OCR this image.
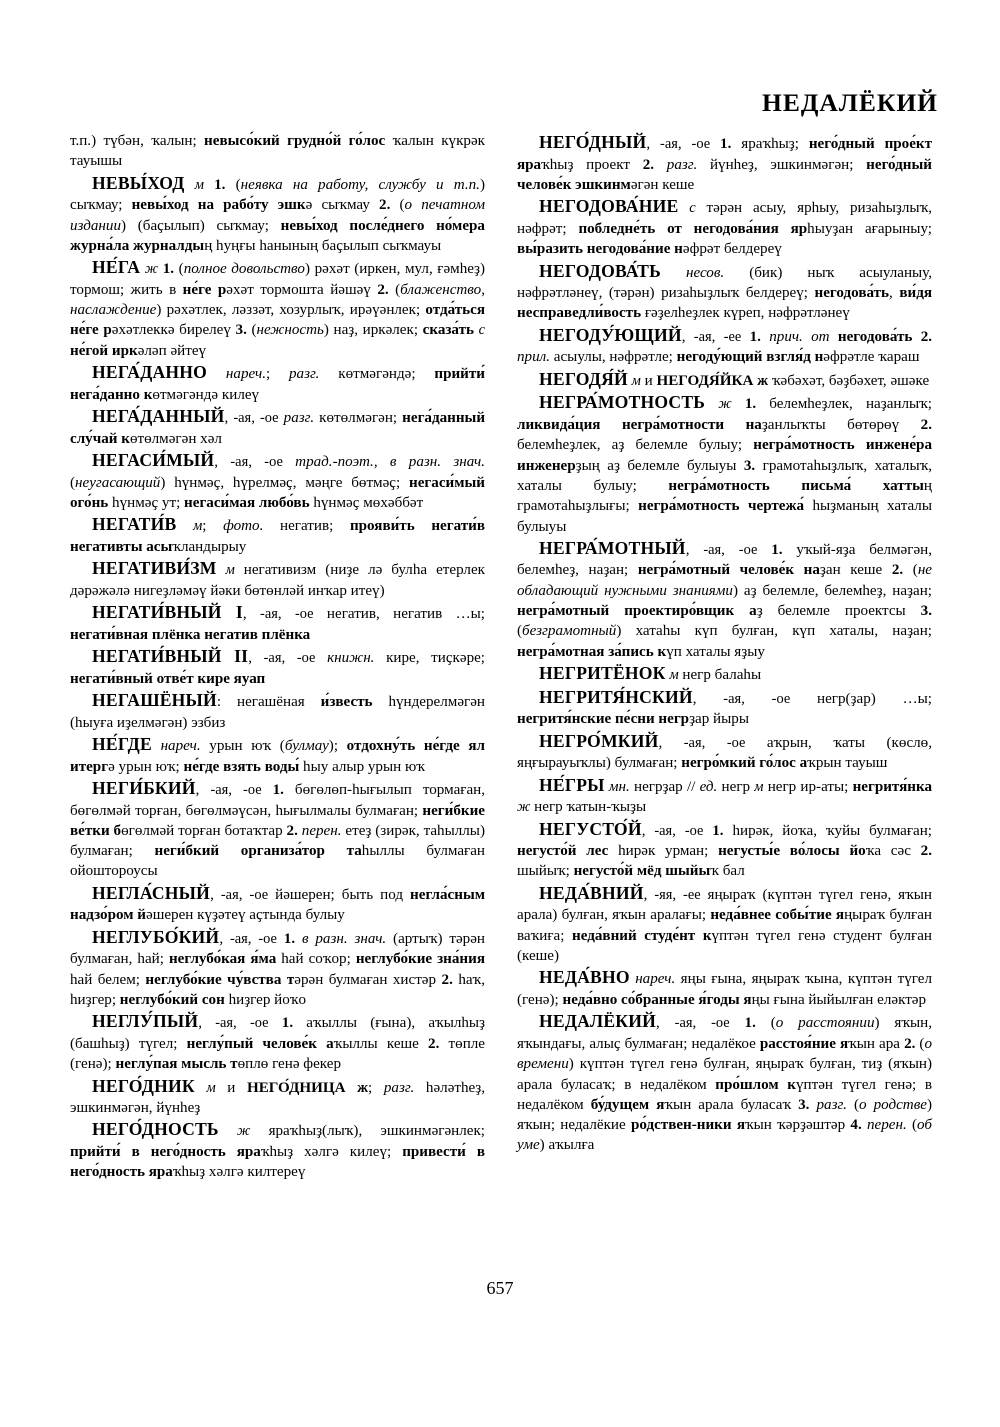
НЕДАЛЁКИЙ

т.п.) түбән, ҡалын; невысо́кий грудно́й го́лос ҡалын күкрәк тауышы

НЕВЫ́ХОД м 1. (неявка на работу, службу и т.п.) сыҡмау; невы́ход на рабо́ту эшкә сыҡмау 2. (о печатном издании) (баҫылып) сыҡмау; невы́ход после́днего но́мера журна́ла журналдың һуңғы һанының баҫылып сыҡмауы

НЕ́ГА ж 1. (полное довольство) рәхәт (иркен, мул, ғәмһеҙ) тормош; жить в не́ге рәхәт тормошта йәшәү 2. (блаженство, наслаждение) рәхәтлек, ләззәт, хозурлыҡ, ирәүәнлек; отда́ться не́ге рәхәтлеккә бирелеү 3. (нежность) наҙ, иркәлек; сказа́ть с не́гой иркәләп әйтеү

НЕГА́ДАННО нареч.; разг. көтмәгәндә; прийти́ нега́данно көтмәгәндә килеү

НЕГА́ДАННЫЙ, -ая, -ое разг. көтөлмәгән; нега́данный слу́чай көтөлмәгән хәл

НЕГАСИ́МЫЙ, -ая, -ое трад.-поэт., в разн. знач. (неугасающий) һүнмәҫ, һүрелмәҫ, мәңге бөтмәҫ; негаси́мый ого́нь һүнмәҫ ут; негаси́мая любо́вь һүнмәҫ мөхәббәт

НЕГАТИ́В м; фото. негатив; прояви́ть негати́в негативты асыҡландырыу

НЕГАТИВИ́ЗМ м негативизм (ниҙе лә булһа етерлек дәрәжәлә нигеҙләмәү йәки бөтөнләй инҡар итеү)

НЕГАТИ́ВНЫЙ I, -ая, -ое негатив, негатив …ы; негати́вная плёнка негатив плёнка

НЕГАТИ́ВНЫЙ II, -ая, -ое книжн. кире, тиҫкәре; негати́вный отве́т кире яуап

НЕГАШЁНЫЙ: негашёная и́звесть һүндерелмәгән (һыуға иҙелмәгән) эзбиз

НЕ́ГДЕ нареч. урын юҡ (булмау); отдохну́ть не́где ял итергә урын юҡ; не́где взять воды́ һыу алыр урын юҡ

НЕГИ́БКИЙ, -ая, -ое 1. бөгөлөп-һығылып тормаған, бөгөлмәй торған, бөгөлмәүсән, һығылмалы булмаған; неги́бкие ве́тки бөгөлмәй торған ботаҡтар 2. перен. етеҙ (зирәк, таһыллы) булмаған; неги́бкий организа́тор таһыллы булмаған ойоштороусы

НЕГЛА́СНЫЙ, -ая, -ое йәшерен; быть под негла́сным надзо́ром йәшерен күҙәтеү аҫтында булыу

НЕГЛУБО́КИЙ, -ая, -ое 1. в разн. знач. (артыҡ) тәрән булмаған, һай; неглубо́кая я́ма һай соҡор; неглубо́кие зна́ния һай белем; неглубо́кие чу́вства тәрән булмаған хистәр 2. һаҡ, һиҙгер; неглубо́кий сон һиҙгер йоҡо

НЕГЛУ́ПЫЙ, -ая, -ое 1. аҡыллы (ғына), аҡылһыҙ (башһыҙ) түгел; неглу́пый челове́к аҡыллы кеше 2. төпле (генә); неглу́пая мысль төплө генә фекер

НЕГО́ДНИК м и НЕГО́ДНИЦА ж; разг. һәләтһеҙ, эшкинмәгән, йүнһеҙ

НЕГО́ДНОСТЬ ж яраҡһыҙ(лыҡ), эшкинмәгәнлек; прийти́ в него́дность яраҡһыҙ хәлгә килеү; привести́ в него́дность яраҡһыҙ хәлгә килтереү

НЕГО́ДНЫЙ, -ая, -ое 1. яраҡһыҙ; него́дный прое́кт яраҡһыҙ проект 2. разг. йүнһеҙ, эшкинмәгән; него́дный челове́к эшкинмәгән кеше

НЕГОДОВА́НИЕ с тәрән асыу, ярһыу, ризаһыҙлыҡ, нәфрәт; побледне́ть от негодова́ния ярһыуҙан ағарыныу; вы́разить негодова́ние нәфрәт белдереү

НЕГОДОВА́ТЬ несов. (бик) ныҡ асыуланыу, нәфрәтләнеү, (тәрән) ризаһыҙлыҡ белдереү; негодова́ть, ви́дя несправедли́вость ғәҙелһеҙлек күреп, нәфрәтләнеү

НЕГОДУ́ЮЩИЙ, -ая, -ее 1. прич. от негодова́ть 2. прил. асыулы, нәфрәтле; негоду́ющий взгля́д нәфрәтле ҡараш

НЕГОДЯ́Й м и НЕГОДЯ́ЙКА ж ҡәбәхәт, бәҙбәхет, әшәке

НЕГРА́МОТНОСТЬ ж 1. белемһеҙлек, наҙанлыҡ; ликвида́ция негра́мотности наҙанлыҡты бөтөрөү 2. белемһеҙлек, аҙ белемле булыу; негра́мотность инжене́ра инженерҙың аҙ белемле булыуы 3. грамотаһыҙлыҡ, хаталыҡ, хаталы булыу; негра́мотность письма́ хаттың грамотаһыҙлығы; негра́мотность чертежа́ һыҙманың хаталы булыуы

НЕГРА́МОТНЫЙ, -ая, -ое 1. уҡый-яҙа белмәгән, белемһеҙ, наҙан; негра́мотный челове́к наҙан кеше 2. (не обладающий нужными знаниями) аҙ белемле, белемһеҙ, наҙан; негра́мотный проектиро́вщик аҙ белемле проектсы 3. (безграмотный) хатаһы күп булған, күп хаталы, наҙан; негра́мотная за́пись күп хаталы яҙыу

НЕГРИТЁНОК м негр балаһы

НЕГРИТЯ́НСКИЙ, -ая, -ое негр(ҙар) …ы; негритя́нские пе́сни негрҙар йыры

НЕГРО́МКИЙ, -ая, -ое аҡрын, ҡаты (көслө, яңғырауыҡлы) булмаған; негро́мкий го́лос аҡрын тауыш

НЕ́ГРЫ мн. негрҙар // ед. негр м негр ир-аты; негритя́нка ж негр ҡатын-ҡыҙы

НЕГУСТО́Й, -ая, -ое 1. һирәк, йоҡа, ҡуйы булмаған; негусто́й лес һирәк урман; негусты́е во́лосы йоҡа сәс 2. шыйыҡ; негусто́й мёд шыйыҡ бал

НЕДА́ВНИЙ, -яя, -ее яңыраҡ (күптән түгел генә, яҡын арала) булған, яҡын аралағы; неда́внее собы́тие яңыраҡ булған ваҡиға; неда́вний студе́нт күптән түгел генә студент булған (кеше)

НЕДА́ВНО нареч. яңы ғына, яңыраҡ ҡына, күптән түгел (генә); неда́вно со́бранные я́годы яңы ғына йыйылған еләктәр

НЕДАЛЁКИЙ, -ая, -ое 1. (о расстоянии) яҡын, яҡындағы, алыҫ булмаған; недалёкое расстоя́ние яҡын ара 2. (о времени) күптән түгел генә булған, яңыраҡ булған, тиҙ (яҡын) арала буласаҡ; в недалёком про́шлом күптән түгел генә; в недалёком бу́дущем яҡын арала буласаҡ 3. разг. (о родстве) яҡын; недалёкие ро́дствен-ники яҡын ҡәрҙәштәр 4. перен. (об уме) аҡылға

657
